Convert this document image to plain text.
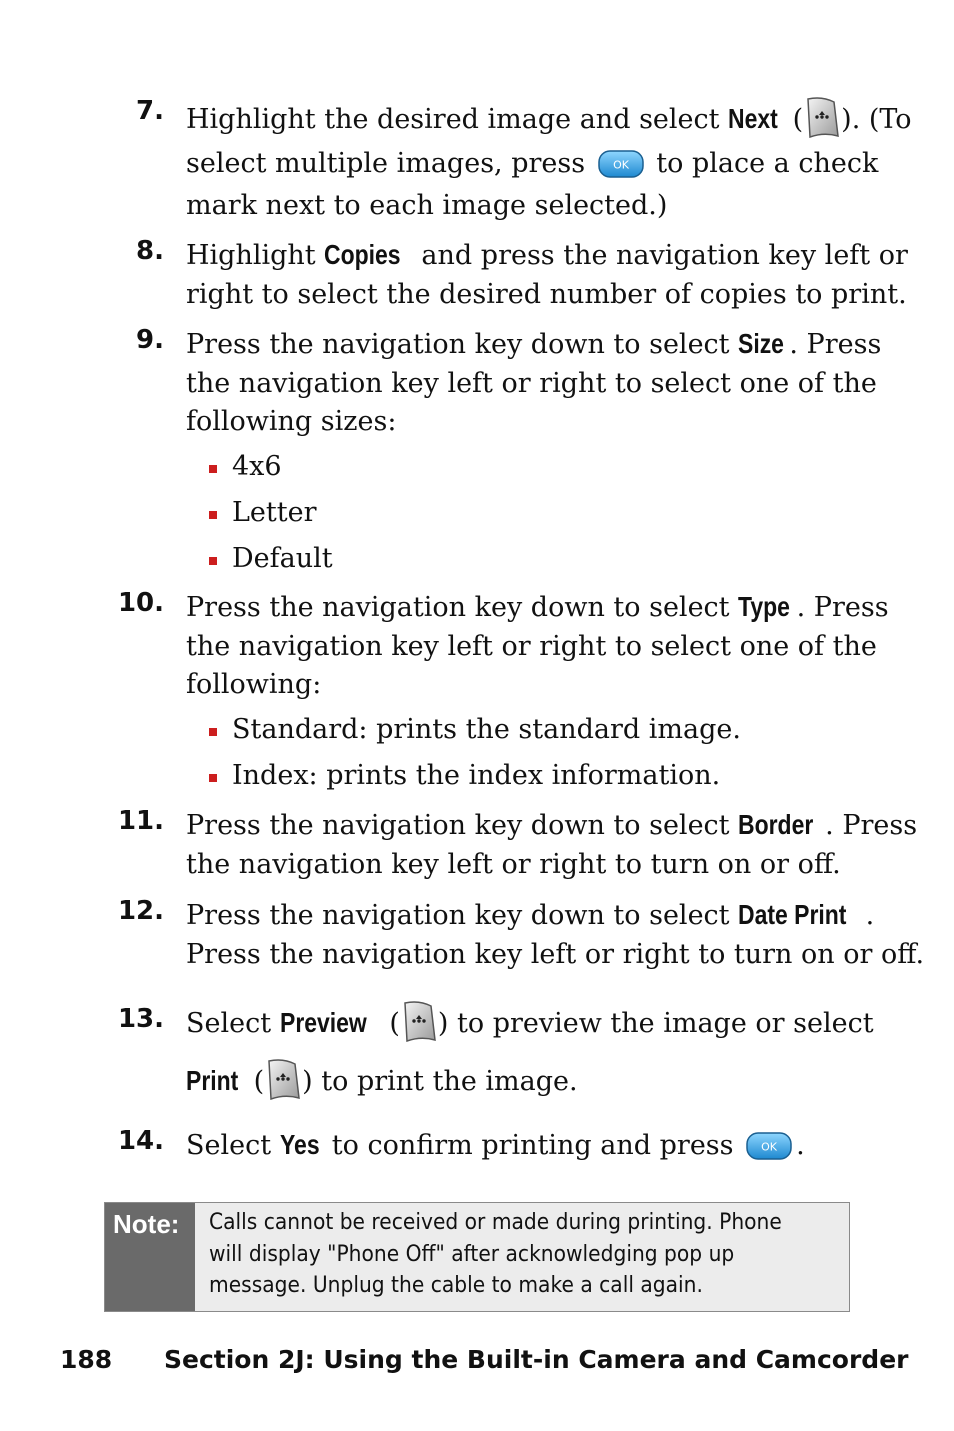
7. Highlight the desired image and select Next ( ). (To

select multiple images, press  to place a check
mark next to each image selected.)
8. Highlight Copies and press the navigation key left or
right to select the desired number of copies to print.
9. Press the navigation key down to select Size . Press
the navigation key left or right to select one of the
following sizes:
4x6
Letter
Default
10. Press the navigation key down to select Type . Press
the navigation key left or right to select one of the
following:
Standard: prints the standard image.
Index: prints the index information.
11. Press the navigation key down to select Border . Press
the navigation key left or right to turn on or off.
12. Press the navigation key down to select Date Print .
Press the navigation key left or right to turn on or off.
13. Select Preview ( ) to preview the image or select
Print ( ) to print the image.
14. Select Yes to confirm printing and press .
Note: Calls cannot be received or made during printing. Phone
will display "Phone Off" after acknowledging pop up
message. Unplug the cable to make a call again.
188 Section 2J: Using the Built-in Camera and Camcorder
